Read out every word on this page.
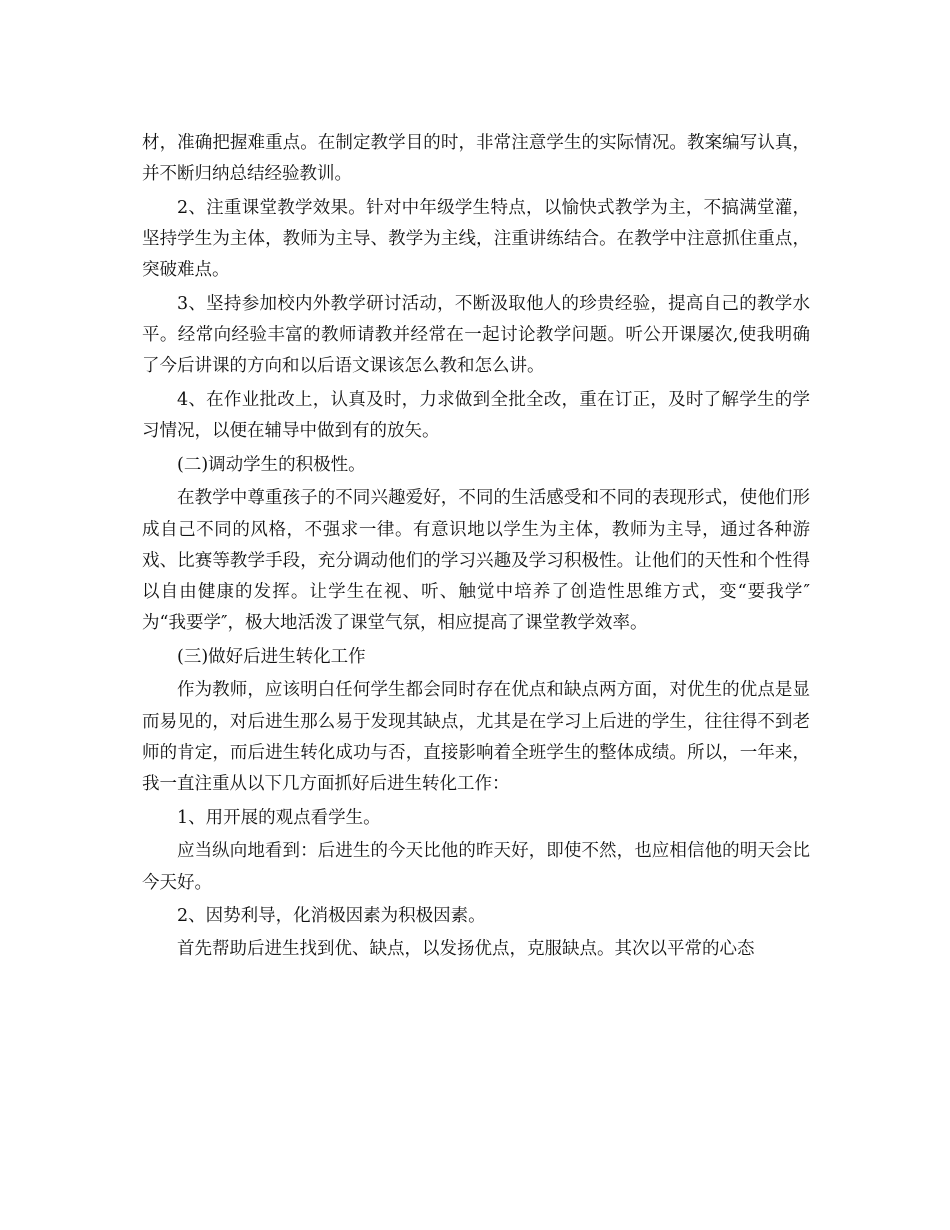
材，准确把握难重点。在制定教学目的时，非常注意学生的实际情况。教案编写认真，并不断归纳总结经验教训。

2、注重课堂教学效果。针对中年级学生特点，以愉快式教学为主，不搞满堂灌，坚持学生为主体，教师为主导、教学为主线，注重讲练结合。在教学中注意抓住重点，突破难点。

3、坚持参加校内外教学研讨活动，不断汲取他人的珍贵经验，提高自己的教学水平。经常向经验丰富的教师请教并经常在一起讨论教学问题。听公开课屡次,使我明确了今后讲课的方向和以后语文课该怎么教和怎么讲。

4、在作业批改上，认真及时，力求做到全批全改，重在订正，及时了解学生的学习情况，以便在辅导中做到有的放矢。

(二)调动学生的积极性。

在教学中尊重孩子的不同兴趣爱好，不同的生活感受和不同的表现形式，使他们形成自己不同的风格，不强求一律。有意识地以学生为主体，教师为主导，通过各种游戏、比赛等教学手段，充分调动他们的学习兴趣及学习积极性。让他们的天性和个性得以自由健康的发挥。让学生在视、听、触觉中培养了创造性思维方式，变“要我学″为“我要学″，极大地活泼了课堂气氛，相应提高了课堂教学效率。

(三)做好后进生转化工作

作为教师，应该明白任何学生都会同时存在优点和缺点两方面，对优生的优点是显而易见的，对后进生那么易于发现其缺点，尤其是在学习上后进的学生，往往得不到老师的肯定，而后进生转化成功与否，直接影响着全班学生的整体成绩。所以，一年来，我一直注重从以下几方面抓好后进生转化工作：

1、用开展的观点看学生。

应当纵向地看到：后进生的今天比他的昨天好，即使不然，也应相信他的明天会比今天好。

2、因势利导，化消极因素为积极因素。

首先帮助后进生找到优、缺点，以发扬优点，克服缺点。其次以平常的心态
